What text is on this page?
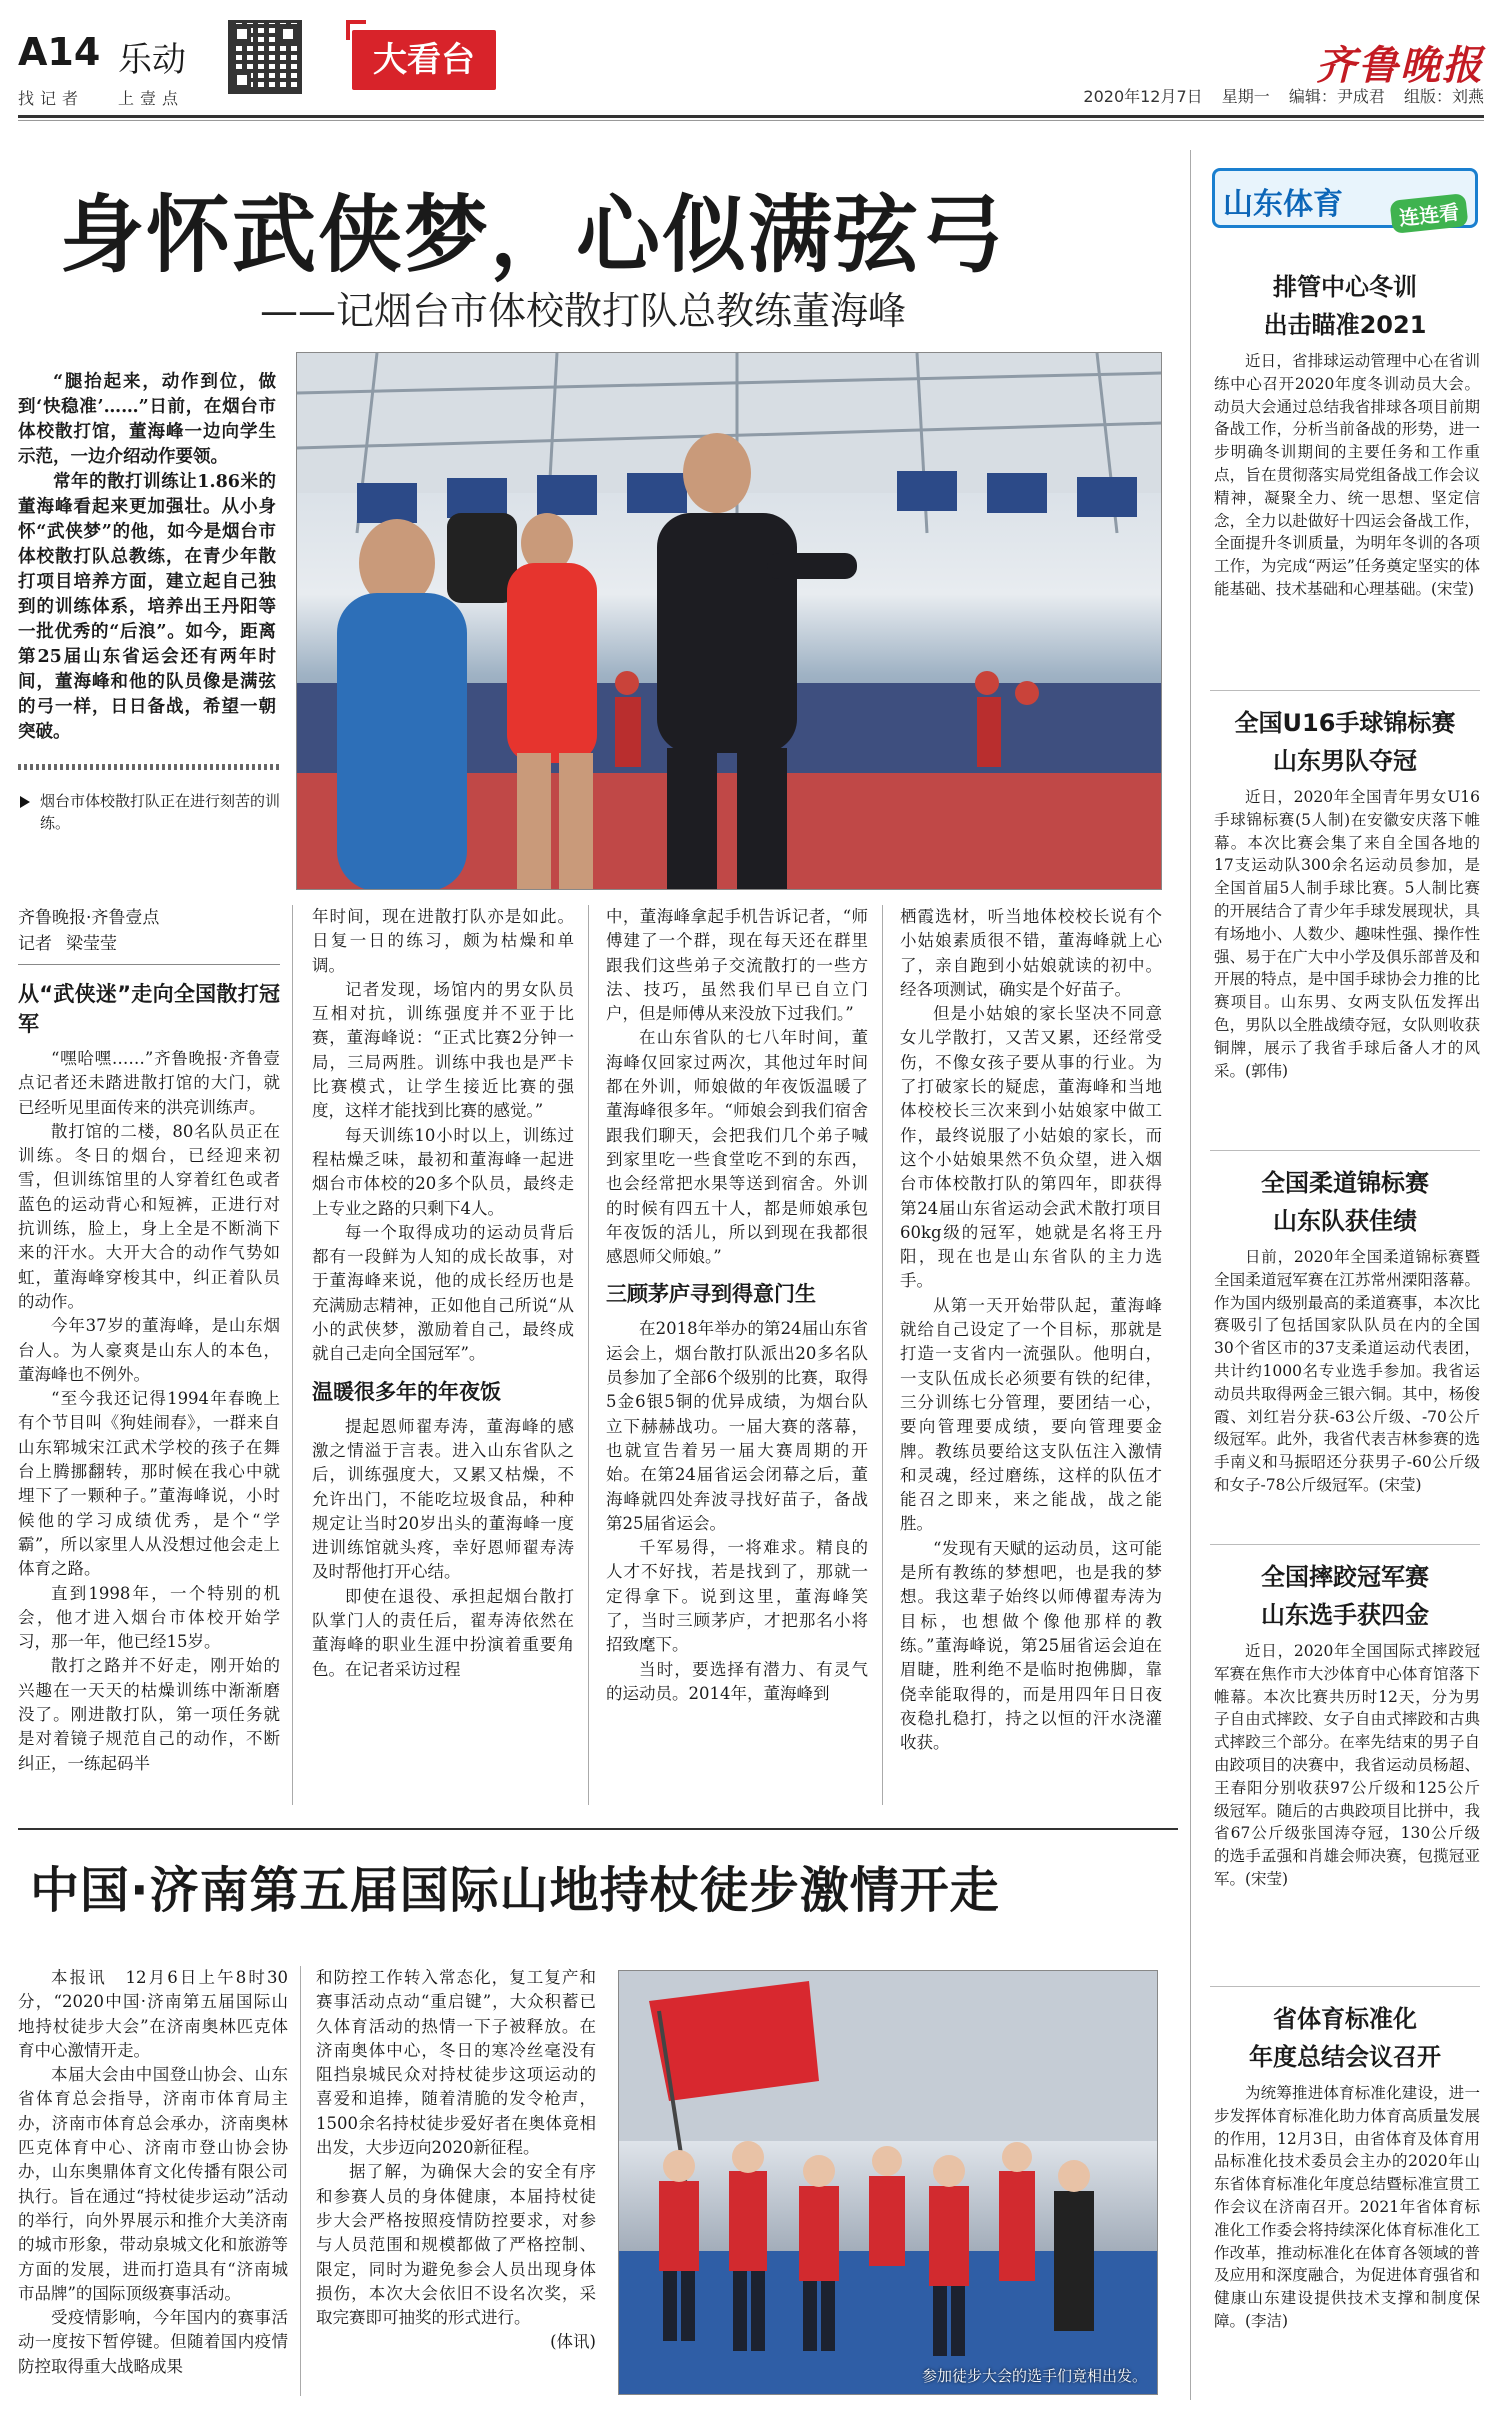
A14 乐动
找记者 上壹点
大看台	齐鲁晚报
2020年12月7日 星期一 编辑：尹成君 组版：刘燕
身怀武侠梦，心似满弦弓
——记烟台市体校散打队总教练董海峰

“腿抬起来，动作到位，做到‘快稳准’……”日前，在烟台市体校散打馆，董海峰一边向学生示范，一边介绍动作要领。

常年的散打训练让1.86米的董海峰看起来更加强壮。从小身怀“武侠梦”的他，如今是烟台市体校散打队总教练，在青少年散打项目培养方面，建立起自己独到的训练体系，培养出王丹阳等一批优秀的“后浪”。如今，距离第25届山东省运会还有两年时间，董海峰和他的队员像是满弦的弓一样，日日备战，希望一朝突破。

烟台市体校散打队正在进行刻苦的训练。

齐鲁晚报·齐鲁壹点

记者 梁莹莹

从“武侠迷”走向全国散打冠军

“嘿哈嘿……”齐鲁晚报·齐鲁壹点记者还未踏进散打馆的大门，就已经听见里面传来的洪亮训练声。

散打馆的二楼，80名队员正在训练。冬日的烟台，已经迎来初雪，但训练馆里的人穿着红色或者蓝色的运动背心和短裤，正进行对抗训练，脸上，身上全是不断淌下来的汗水。大开大合的动作气势如虹，董海峰穿梭其中，纠正着队员的动作。

今年37岁的董海峰，是山东烟台人。为人豪爽是山东人的本色，董海峰也不例外。

“至今我还记得1994年春晚上有个节目叫《狗娃闹春》，一群来自山东郓城宋江武术学校的孩子在舞台上腾挪翻转，那时候在我心中就埋下了一颗种子。”董海峰说，小时候他的学习成绩优秀，是个“学霸”，所以家里人从没想过他会走上体育之路。

直到1998年，一个特别的机会，他才进入烟台市体校开始学习，那一年，他已经15岁。

散打之路并不好走，刚开始的兴趣在一天天的枯燥训练中渐渐磨没了。刚进散打队，第一项任务就是对着镜子规范自己的动作，不断纠正，一练起码半

年时间，现在进散打队亦是如此。日复一日的练习，颇为枯燥和单调。

记者发现，场馆内的男女队员互相对抗，训练强度并不亚于比赛，董海峰说：“正式比赛2分钟一局，三局两胜。训练中我也是严卡比赛模式，让学生接近比赛的强度，这样才能找到比赛的感觉。”

每天训练10小时以上，训练过程枯燥乏味，最初和董海峰一起进烟台市体校的20多个队员，最终走上专业之路的只剩下4人。

每一个取得成功的运动员背后都有一段鲜为人知的成长故事，对于董海峰来说，他的成长经历也是充满励志精神，正如他自己所说“从小的武侠梦，激励着自己，最终成就自己走向全国冠军”。

温暖很多年的年夜饭

提起恩师翟寿涛，董海峰的感激之情溢于言表。进入山东省队之后，训练强度大，又累又枯燥，不允许出门，不能吃垃圾食品，种种规定让当时20岁出头的董海峰一度进训练馆就头疼，幸好恩师翟寿涛及时帮他打开心结。

即使在退役、承担起烟台散打队掌门人的责任后，翟寿涛依然在董海峰的职业生涯中扮演着重要角色。在记者采访过程

中，董海峰拿起手机告诉记者，“师傅建了一个群，现在每天还在群里跟我们这些弟子交流散打的一些方法、技巧，虽然我们早已自立门户，但是师傅从来没放下过我们。”

在山东省队的七八年时间，董海峰仅回家过两次，其他过年时间都在外训，师娘做的年夜饭温暖了董海峰很多年。“师娘会到我们宿舍跟我们聊天，会把我们几个弟子喊到家里吃一些食堂吃不到的东西，也会经常把水果等送到宿舍。外训的时候有四五十人，都是师娘承包年夜饭的活儿，所以到现在我都很感恩师父师娘。”

三顾茅庐寻到得意门生

在2018年举办的第24届山东省运会上，烟台散打队派出20多名队员参加了全部6个级别的比赛，取得5金6银5铜的优异成绩，为烟台队立下赫赫战功。一届大赛的落幕，也就宣告着另一届大赛周期的开始。在第24届省运会闭幕之后，董海峰就四处奔波寻找好苗子，备战第25届省运会。

千军易得，一将难求。精良的人才不好找，若是找到了，那就一定得拿下。说到这里，董海峰笑了，当时三顾茅庐，才把那名小将招致麾下。

当时，要选择有潜力、有灵气的运动员。2014年，董海峰到

栖霞选材，听当地体校校长说有个小姑娘素质很不错，董海峰就上心了，亲自跑到小姑娘就读的初中。经各项测试，确实是个好苗子。

但是小姑娘的家长坚决不同意女儿学散打，又苦又累，还经常受伤，不像女孩子要从事的行业。为了打破家长的疑虑，董海峰和当地体校校长三次来到小姑娘家中做工作，最终说服了小姑娘的家长，而这个小姑娘果然不负众望，进入烟台市体校散打队的第四年，即获得第24届山东省运动会武术散打项目60kg级的冠军，她就是名将王丹阳，现在也是山东省队的主力选手。

从第一天开始带队起，董海峰就给自己设定了一个目标，那就是打造一支省内一流强队。他明白，一支队伍成长必须要有铁的纪律，三分训练七分管理，要团结一心，要向管理要成绩，要向管理要金牌。教练员要给这支队伍注入激情和灵魂，经过磨练，这样的队伍才能召之即来，来之能战，战之能胜。

“发现有天赋的运动员，这可能是所有教练的梦想吧，也是我的梦想。我这辈子始终以师傅翟寿涛为目标，也想做个像他那样的教练。”董海峰说，第25届省运会迫在眉睫，胜利绝不是临时抱佛脚，靠侥幸能取得的，而是用四年日日夜夜稳扎稳打，持之以恒的汗水浇灌收获。

中国·济南第五届国际山地持杖徒步激情开走

本报讯　12月6日上午8时30分，“2020中国·济南第五届国际山地持杖徒步大会”在济南奥林匹克体育中心激情开走。

本届大会由中国登山协会、山东省体育总会指导，济南市体育局主办，济南市体育总会承办，济南奥林匹克体育中心、济南市登山协会协办，山东奥鼎体育文化传播有限公司执行。旨在通过“持杖徒步运动”活动的举行，向外界展示和推介大美济南的城市形象，带动泉城文化和旅游等方面的发展，进而打造具有“济南城市品牌”的国际顶级赛事活动。

受疫情影响，今年国内的赛事活动一度按下暂停键。但随着国内疫情防控取得重大战略成果

和防控工作转入常态化，复工复产和赛事活动点动“重启键”，大众积蓄已久体育活动的热情一下子被释放。在济南奥体中心，冬日的寒冷丝毫没有阻挡泉城民众对持杖徒步这项运动的喜爱和追捧，随着清脆的发令枪声，1500余名持杖徒步爱好者在奥体竟相出发，大步迈向2020新征程。

据了解，为确保大会的安全有序和参赛人员的身体健康，本届持杖徒步大会严格按照疫情防控要求，对参与人员范围和规模都做了严格控制、限定，同时为避免参会人员出现身体损伤，本次大会依旧不设名次奖，采取完赛即可抽奖的形式进行。

(体讯)

参加徒步大会的选手们竟相出发。
山东体育	连连看
排管中心冬训
出击瞄准2021

近日，省排球运动管理中心在省训练中心召开2020年度冬训动员大会。动员大会通过总结我省排球各项目前期备战工作，分析当前备战的形势，进一步明确冬训期间的主要任务和工作重点，旨在贯彻落实局党组备战工作会议精神，凝聚全力、统一思想、坚定信念，全力以赴做好十四运会备战工作，全面提升冬训质量，为明年冬训的各项工作，为完成“两运”任务奠定坚实的体能基础、技术基础和心理基础。(宋莹)

全国U16手球锦标赛
山东男队夺冠

近日，2020年全国青年男女U16手球锦标赛(5人制)在安徽安庆落下帷幕。本次比赛会集了来自全国各地的17支运动队300余名运动员参加，是全国首届5人制手球比赛。5人制比赛的开展结合了青少年手球发展现状，具有场地小、人数少、趣味性强、操作性强、易于在广大中小学及俱乐部普及和开展的特点，是中国手球协会力推的比赛项目。山东男、女两支队伍发挥出色，男队以全胜战绩夺冠，女队则收获铜牌，展示了我省手球后备人才的风采。(郭伟)

全国柔道锦标赛
山东队获佳绩

日前，2020年全国柔道锦标赛暨全国柔道冠军赛在江苏常州溧阳落幕。作为国内级别最高的柔道赛事，本次比赛吸引了包括国家队队员在内的全国30个省区市的37支柔道运动代表团，共计约1000名专业选手参加。我省运动员共取得两金三银六铜。其中，杨俊霞、刘红岩分获-63公斤级、-70公斤级冠军。此外，我省代表吉林参赛的选手南义和马振昭还分获男子-60公斤级和女子-78公斤级冠军。(宋莹)

全国摔跤冠军赛
山东选手获四金

近日，2020年全国国际式摔跤冠军赛在焦作市大沙体育中心体育馆落下帷幕。本次比赛共历时12天，分为男子自由式摔跤、女子自由式摔跤和古典式摔跤三个部分。在率先结束的男子自由跤项目的决赛中，我省运动员杨超、王春阳分别收获97公斤级和125公斤级冠军。随后的古典跤项目比拼中，我省67公斤级张国涛夺冠，130公斤级的选手孟强和肖雄会师决赛，包揽冠亚军。(宋莹)

省体育标准化
年度总结会议召开

为统筹推进体育标准化建设，进一步发挥体育标准化助力体育高质量发展的作用，12月3日，由省体育及体育用品标准化技术委员会主办的2020年山东省体育标准化年度总结暨标准宣贯工作会议在济南召开。2021年省体育标准化工作委会将持续深化体育标准化工作改革，推动标准化在体育各领域的普及应用和深度融合，为促进体育强省和健康山东建设提供技术支撑和制度保障。(李洁)
